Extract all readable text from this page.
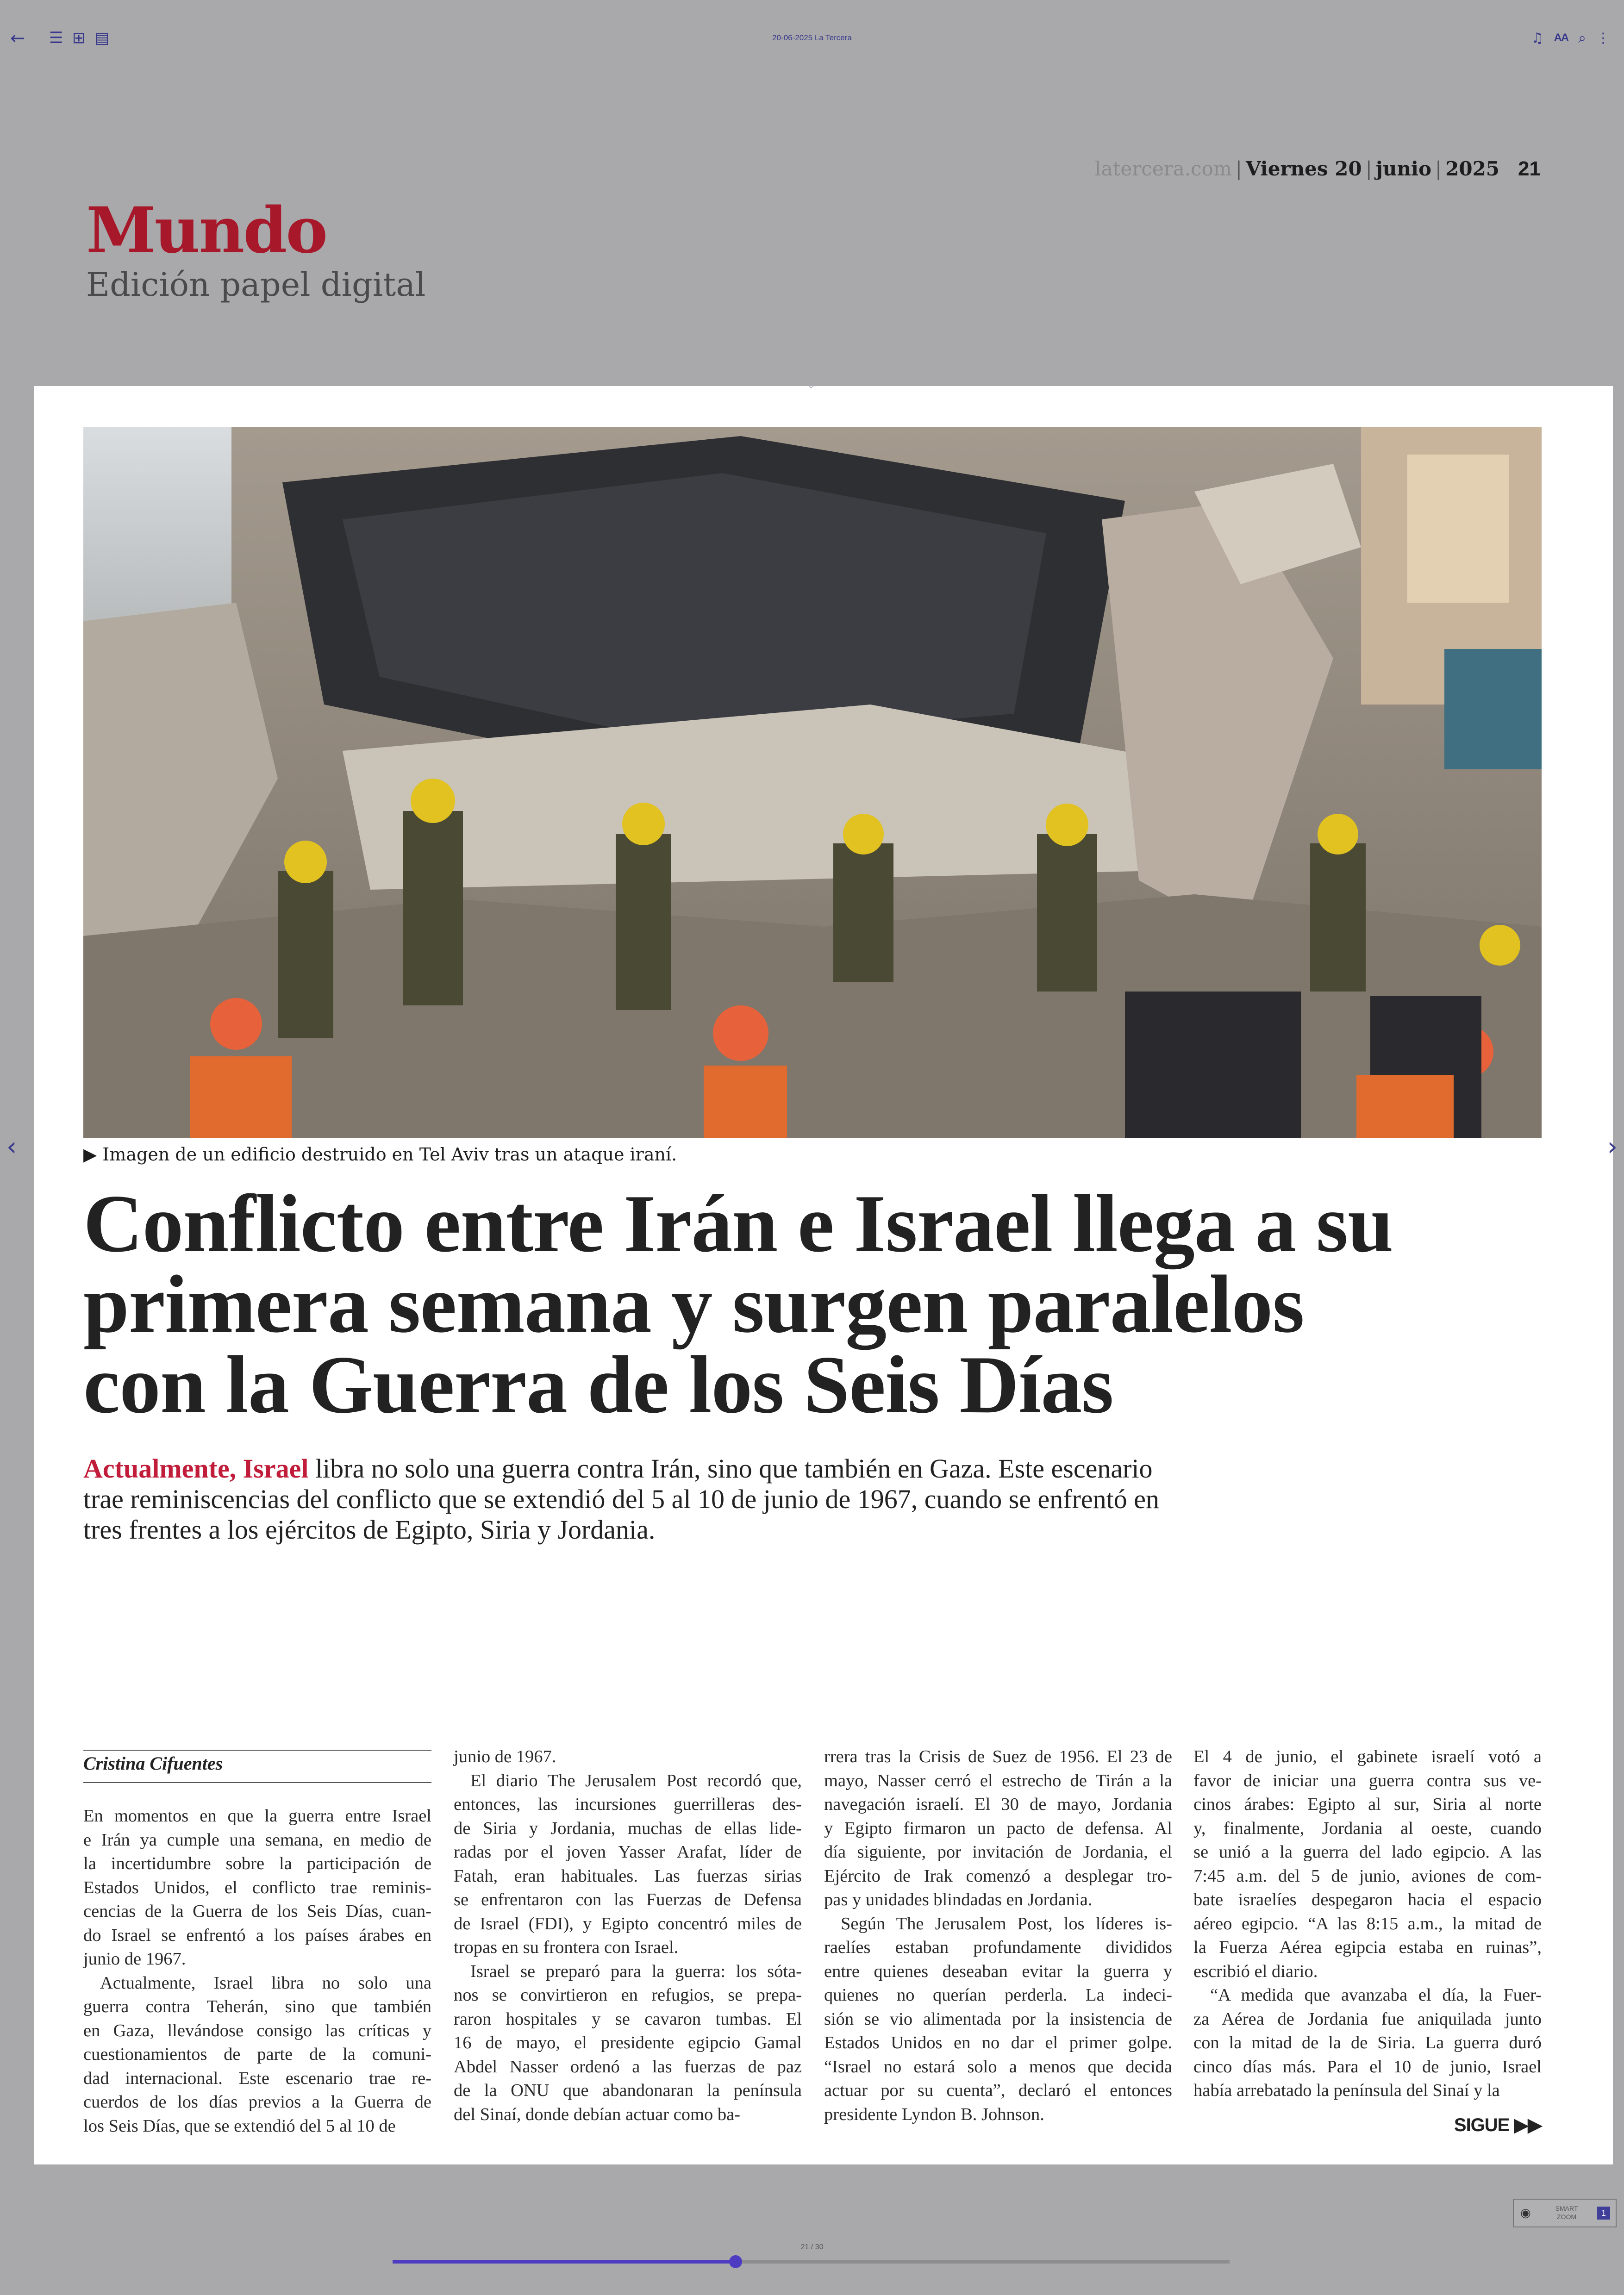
←	☰ ⊞ ▤	20-06-2025 La Tercera	♫ AA ⌕ ⋮
latercera.com | Viernes 20 | junio | 2025 21
Mundo
Edición papel digital
⌄
▶ Imagen de un edificio destruido en Tel Aviv tras un ataque iraní.
Conflicto entre Irán e Israel llega a su
primera semana y surgen paralelos
con la Guerra de los Seis Días
Actualmente, Israel libra no solo una guerra contra Irán, sino que también en Gaza. Este escenario
trae reminiscencias del conflicto que se extendió del 5 al 10 de junio de 1967, cuando se enfrentó en
tres frentes a los ejércitos de Egipto, Siria y Jordania.
Cristina Cifuentes
En momentos en que la guerra entre Israel
e Irán ya cumple una semana, en medio de
la incertidumbre sobre la participación de
Estados Unidos, el conflicto trae reminis-
cencias de la Guerra de los Seis Días, cuan-
do Israel se enfrentó a los países árabes en
junio de 1967.
Actualmente, Israel libra no solo una
guerra contra Teherán, sino que también
en Gaza, llevándose consigo las críticas y
cuestionamientos de parte de la comuni-
dad internacional. Este escenario trae re-
cuerdos de los días previos a la Guerra de
los Seis Días, que se extendió del 5 al 10 de
junio de 1967.
El diario The Jerusalem Post recordó que,
entonces, las incursiones guerrilleras des-
de Siria y Jordania, muchas de ellas lide-
radas por el joven Yasser Arafat, líder de
Fatah, eran habituales. Las fuerzas sirias
se enfrentaron con las Fuerzas de Defensa
de Israel (FDI), y Egipto concentró miles de
tropas en su frontera con Israel.
Israel se preparó para la guerra: los sóta-
nos se convirtieron en refugios, se prepa-
raron hospitales y se cavaron tumbas. El
16 de mayo, el presidente egipcio Gamal
Abdel Nasser ordenó a las fuerzas de paz
de la ONU que abandonaran la península
del Sinaí, donde debían actuar como ba-
rrera tras la Crisis de Suez de 1956. El 23 de
mayo, Nasser cerró el estrecho de Tirán a la
navegación israelí. El 30 de mayo, Jordania
y Egipto firmaron un pacto de defensa. Al
día siguiente, por invitación de Jordania, el
Ejército de Irak comenzó a desplegar tro-
pas y unidades blindadas en Jordania.
Según The Jerusalem Post, los líderes is-
raelíes estaban profundamente divididos
entre quienes deseaban evitar la guerra y
quienes no querían perderla. La indeci-
sión se vio alimentada por la insistencia de
Estados Unidos en no dar el primer golpe.
“Israel no estará solo a menos que decida
actuar por su cuenta”, declaró el entonces
presidente Lyndon B. Johnson.
El 4 de junio, el gabinete israelí votó a
favor de iniciar una guerra contra sus ve-
cinos árabes: Egipto al sur, Siria al norte
y, finalmente, Jordania al oeste, cuando
se unió a la guerra del lado egipcio. A las
7:45 a.m. del 5 de junio, aviones de com-
bate israelíes despegaron hacia el espacio
aéreo egipcio. “A las 8:15 a.m., la mitad de
la Fuerza Aérea egipcia estaba en ruinas”,
escribió el diario.
“A medida que avanzaba el día, la Fuer-
za Aérea de Jordania fue aniquilada junto
con la mitad de la de Siria. La guerra duró
cinco días más. Para el 10 de junio, Israel
había arrebatado la península del Sinaí y la
SIGUE ▶▶
‹	›
◉	SMART
ZOOM	1
21 / 30
